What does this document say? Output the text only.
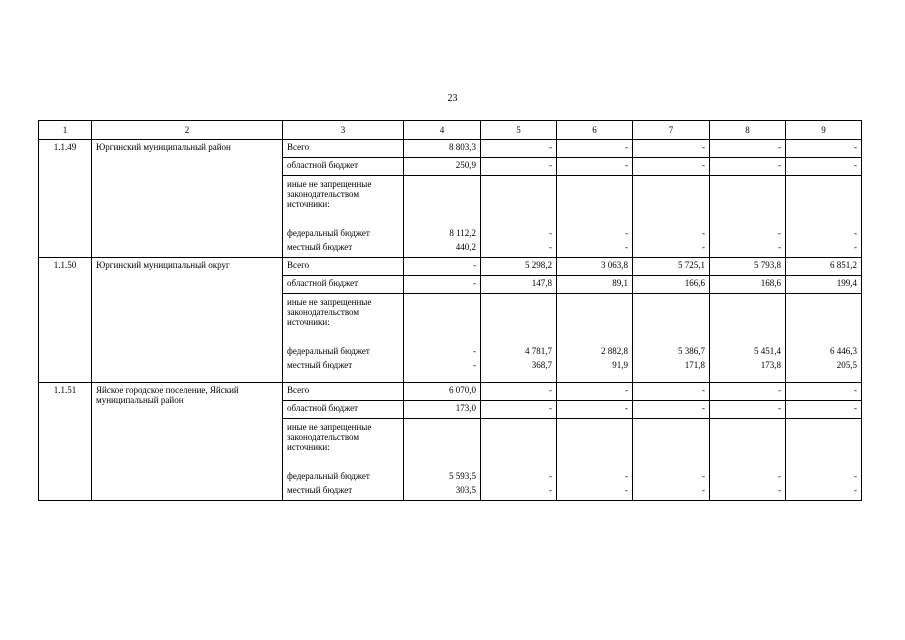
23
1	2	3	4	5	6	7	8	9
1.1.49	Юргинский муниципальный район	Всего	8 803,3	-	-	-	-	-
		областной бюджет	250,9	-	-	-	-	-
		иные не запрещенные законодательством источники:						
		федеральный бюджет	8 112,2	-	-	-	-	-
		местный бюджет	440,2	-	-	-	-	-
1.1.50	Юргинский муниципальный округ	Всего	-	5 298,2	3 063,8	5 725,1	5 793,8	6 851,2
		областной бюджет	-	147,8	89,1	166,6	168,6	199,4
		иные не запрещенные законодательством источники:						
		федеральный бюджет	-	4 781,7	2 882,8	5 386,7	5 451,4	6 446,3
		местный бюджет	-	368,7	91,9	171,8	173,8	205,5
1.1.51	Яйское городское поселение, Яйский муниципальный район	Всего	6 070,0	-	-	-	-	-
		областной бюджет	173,0	-	-	-	-	-
		иные не запрещенные законодательством источники:						
		федеральный бюджет	5 593,5	-	-	-	-	-
		местный бюджет	303,5	-	-	-	-	-
